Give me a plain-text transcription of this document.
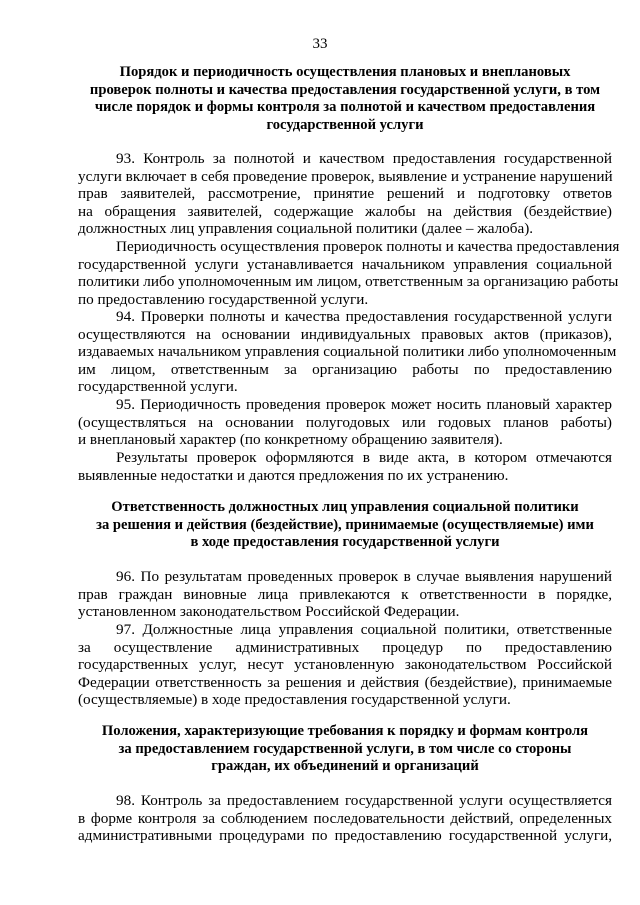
33
Порядок и периодичность осуществления плановых и внеплановых
проверок полноты и качества предоставления государственной услуги, в том
числе порядок и формы контроля за полнотой и качеством предоставления
государственной услуги
93. Контроль за полнотой и качеством предоставления государственной
услуги включает в себя проведение проверок, выявление и устранение нарушений
прав заявителей, рассмотрение, принятие решений и подготовку ответов
на обращения заявителей, содержащие жалобы на действия (бездействие)
должностных лиц управления социальной политики (далее – жалоба).
Периодичность осуществления проверок полноты и качества предоставления
государственной услуги устанавливается начальником управления социальной
политики либо уполномоченным им лицом, ответственным за организацию работы
по предоставлению государственной услуги.
94. Проверки полноты и качества предоставления государственной услуги
осуществляются на основании индивидуальных правовых актов (приказов),
издаваемых начальником управления социальной политики либо уполномоченным
им лицом, ответственным за организацию работы по предоставлению
государственной услуги.
95. Периодичность проведения проверок может носить плановый характер
(осуществляться на основании полугодовых или годовых планов работы)
и внеплановый характер (по конкретному обращению заявителя).
Результаты проверок оформляются в виде акта, в котором отмечаются
выявленные недостатки и даются предложения по их устранению.
Ответственность должностных лиц управления социальной политики
за решения и действия (бездействие), принимаемые (осуществляемые) ими
в ходе предоставления государственной услуги
96. По результатам проведенных проверок в случае выявления нарушений
прав граждан виновные лица привлекаются к ответственности в порядке,
установленном законодательством Российской Федерации.
97. Должностные лица управления социальной политики, ответственные
за осуществление административных процедур по предоставлению
государственных услуг, несут установленную законодательством Российской
Федерации ответственность за решения и действия (бездействие), принимаемые
(осуществляемые) в ходе предоставления государственной услуги.
Положения, характеризующие требования к порядку и формам контроля
за предоставлением государственной услуги, в том числе со стороны
граждан, их объединений и организаций
98. Контроль за предоставлением государственной услуги осуществляется
в форме контроля за соблюдением последовательности действий, определенных
административными процедурами по предоставлению государственной услуги,
